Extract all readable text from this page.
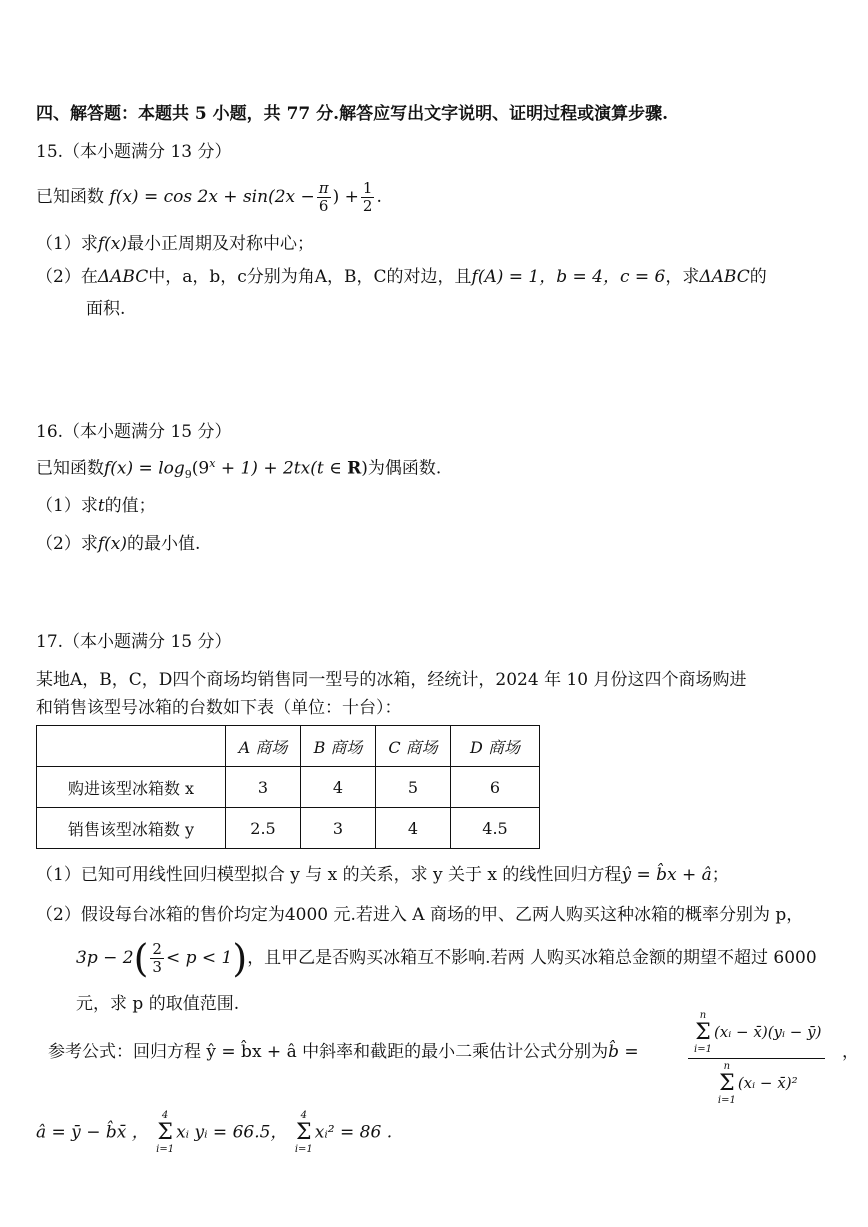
四、解答题：本题共 5 小题，共 77 分.解答应写出文字说明、证明过程或演算步骤.
15.（本小题满分 13 分）
已知函数 $f(x) = \cos 2x + \sin(2x - \frac{\pi}{6}$ ) + $\frac{1}{2}$ .
（1）求f(x)最小正周期及对称中心；
（2）在ΔABC中，a，b，c分别为角A，B，C的对边，且f(A) = 1，b = 4，c = 6，求ΔABC的
面积.
16.（本小题满分 15 分）
已知函数$f(x) = \log_9(9^x + 1) + 2tx(t$ ∈ R)为偶函数.
（1）求t的值；
（2）求f(x)的最小值.
17.（本小题满分 15 分）
某地A，B，C，D四个商场均销售同一型号的冰箱，经统计，2024 年 10 月份这四个商场购进
和销售该型号冰箱的台数如下表（单位：十台）：
	A 商场	B 商场	C 商场	D 商场
购进该型冰箱数 x	3	4	5	6
销售该型冰箱数 y	2.5	3	4	4.5
（1）已知可用线性回归模型拟合 y 与 x 的关系，求 y 关于 x 的线性回归方程ŷ = b̂x + â；
（2）假设每台冰箱的售价均定为4000 元.若进入 A 商场的甲、乙两人购买这种冰箱的概率分别为 p，
$3p - 2( \frac{2}{3} < p < 1)$，且甲乙是否购买冰箱互不影响.若两 人购买冰箱总金额的期望不超过 6000
元，求 p 的取值范围.
参考公式：回归方程 ŷ = b̂x + â 中斜率和截距的最小二乘估计公式分别为b̂ =
n
Σ
i=1
(xᵢ − x̄)(yᵢ − ȳ)
n
Σ
i=1
(xᵢ − x̄)²
，
â = ȳ − b̂x̄ ，
4
Σ
i=1
xᵢ yᵢ = 66.5，
4
Σ
i=1
xᵢ² = 86 .
